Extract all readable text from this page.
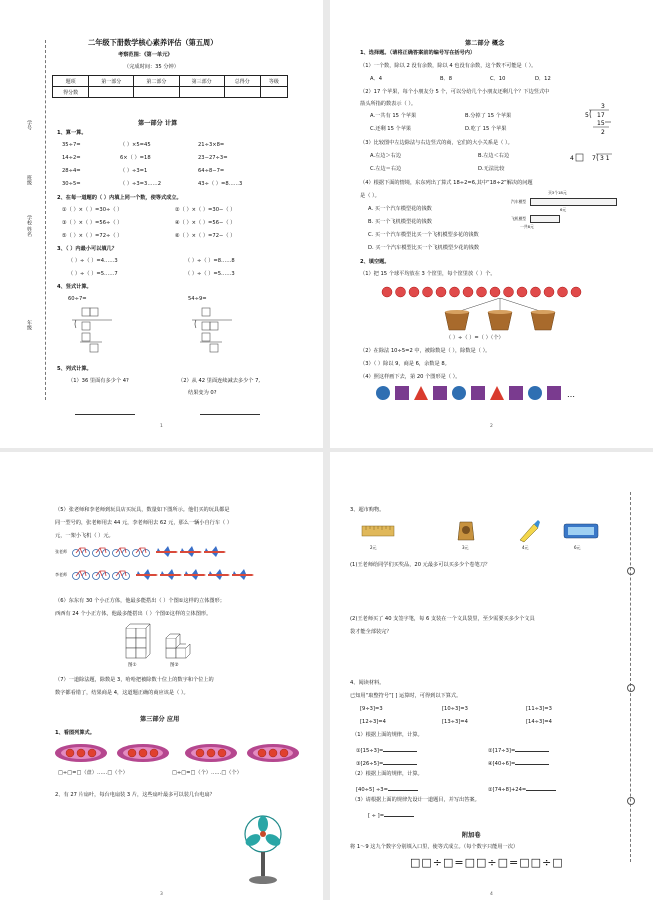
二年级下册数学核心素养评估（第五周）
考察范围：《第一单元》
（完成时间：35 分钟）
题项	第一部分	第二部分	第三部分	总得分	等级
得分数					
学号
班级
学校 姓名
年级
第一部分 计算
1、算一算。
35÷7=	（ ）×5=45	21÷3×8=
14÷2=	6×（ ）=18	23−27÷3=
28÷4=	（ ）÷3=1	64÷8−7=
30÷5=	（ ）÷3=3……2	43÷（ ）=8……3
2、在每一道题的（ ）内填上同一个数，使等式成立。
①（ ）×（ ）=30÷（ ）	②（ ）×（ ）=30−（ ）
③（ ）×（ ）=56÷（ ）	④（ ）×（ ）=56−（ ）
⑤（ ）×（ ）=72÷（ ）	⑥（ ）×（ ）=72−（ ）
3、（ ）内最小可以填几？
（ ）÷（ ）=4……3	（ ）÷（ ）=8……8
（ ）÷（ ）=5……7	（ ）÷（ ）=5……3
4、竖式计算。
60÷7=	54÷9=
5、列式计算。
（1）36 里面有多少个 4?	（2）从 42 里面连续减去多少个 7,
结果变为 0?
1
第二部分 概念
1、选择题。（请将正确答案前的编号写在括号内）
（1）一个数，除以 2 没有余数，除以 4 也没有余数，这个数不可能是（ ）。
A．4	B．8	C．10	D．12
（2）17 个苹果，每个小朋友分 5 个，可以分给几个小朋友还剩几个？下边竖式中
箭头所指的数表示（ ）。
A.一共有 15 个苹果	B.分掉了 15 个苹果
C.还剩 15 个苹果	D.吃了 15 个苹果
3
5 17
15
2
（3）比较图中左边除法与右边竖式的商，它们的大小关系是（ ）。
A.左边＞右边	B.左边＜右边
C.左边＝右边	D.无法比较
4	7 3 1
（4）根据下面的情境，东东列出了算式 18÷2=6,其中“18÷2”解决的问题
是（ ）。
A. 买一个汽车模型花的钱数
B. 买一个飞机模型花的钱数
C. 买一个汽车模型比买一个飞机模型多花的钱数
D. 买一个汽车模型比买一个飞机模型少花的钱数
买3个18元
汽车模型
6元
飞机模型
一共8元
2、填空题。
（1）把 15 个球平均放在 3 个筐里，每个筐里放（ ）个。
（ ）÷（ ）=（ ）（个）
（2）在除法 10÷5=2 中，被除数是（ ），除数是（ ）。
（3）（ ）除以 9，商是 6，余数是 8。
（4）照这样画下去，第 20 个图形是（ ）。
…
2
（5）张老师和李老师到玩具店买玩具，数量如下图所示。他们买的玩具都是
同一型号的，张老师用去 44 元，李老师用去 62 元，那么一辆小自行车（ ）
元，一架小飞机（ ）元。
张老师
李老师
（6）东东有 30 个小正方体，他最多能搭出（ ）个图①这样的立体图形；
西西有 24 个小正方体，他最多能搭出（ ）个图②这样的立体图形。
图①	图②
（7）一道除法题，除数是 3，哈哈把被除数十位上的数字和个位上的
数字都看错了，结果商是 4，这道题正确的商应该是（ ）。
第三部分 应用
1、看图列算式。
□÷□=□（盘）……□（个）	□÷□=□（个）……□（个）
2、有 27 片扇叶，每台电扇装 3 片，这些扇叶最多可以装几台电扇？
3
3、超市购物。
2元	3元	4元	6元
(1)王老师给同学们买奖品，20 元最多可以买多少个卷笔刀？
(2)王老师买了 40 支签字笔，每 6 支装在一个文具袋里，至少需要买多少个文具
袋才能全部装完？
4、阅读材料。
已知用“取整符号”[ ] 运算时，可得到以下算式。
[9÷3]=3	[10÷3]=3	[11÷3]=3
[12÷3]=4	[13÷3]=4	[14÷3]=4
（1）根据上面的规律，计算。
①[15÷3]=	②[17÷3]=
③[26÷5]=	④[40÷6]=
（2）根据上面的规律，计算。
[40÷5] ÷3=	②[74÷8]+24=
（3）请根据上面的规律先设计一道题目，并写出答案。
[ ÷ ]=
附加卷
将 1～9 这九个数字分别填入口里，使等式成立。（每个数字只能用一次）
□□÷□=□□÷□=□□÷□
4
